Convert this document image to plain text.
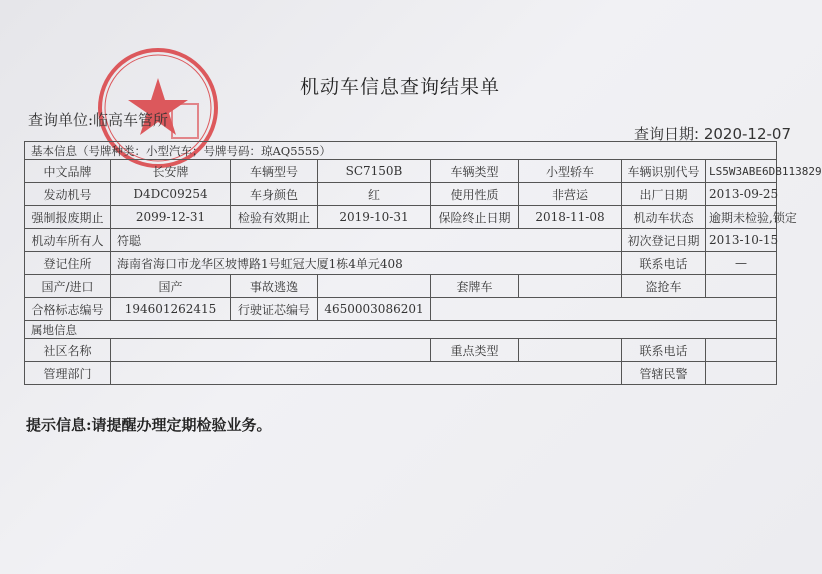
机动车信息查询结果单
查询单位:临高车管所
查询日期: 2020-12-07
基本信息（号牌种类：小型汽车；号牌号码：琼AQ5555）							
中文品牌	长安牌	车辆型号	SC7150B	车辆类型	小型轿车	车辆识别代号	LS5W3ABE6DB113829
发动机号	D4DC09254	车身颜色	红	使用性质	非营运	出厂日期	2013-09-25
强制报废期止	2099-12-31	检验有效期止	2019-10-31	保险终止日期	2018-11-08	机动车状态	逾期未检验,锁定
机动车所有人	符聪					初次登记日期	2013-10-15
登记住所	海南省海口市龙华区坡博路1号虹冠大厦1栋4单元408					联系电话	—
国产/进口	国产	事故逃逸		套牌车		盗抢车	
合格标志编号	194601262415	行驶证芯编号	4650003086201				
属地信息							
社区名称				重点类型		联系电话	
管理部门						管辖民警	
提示信息:请提醒办理定期检验业务。
